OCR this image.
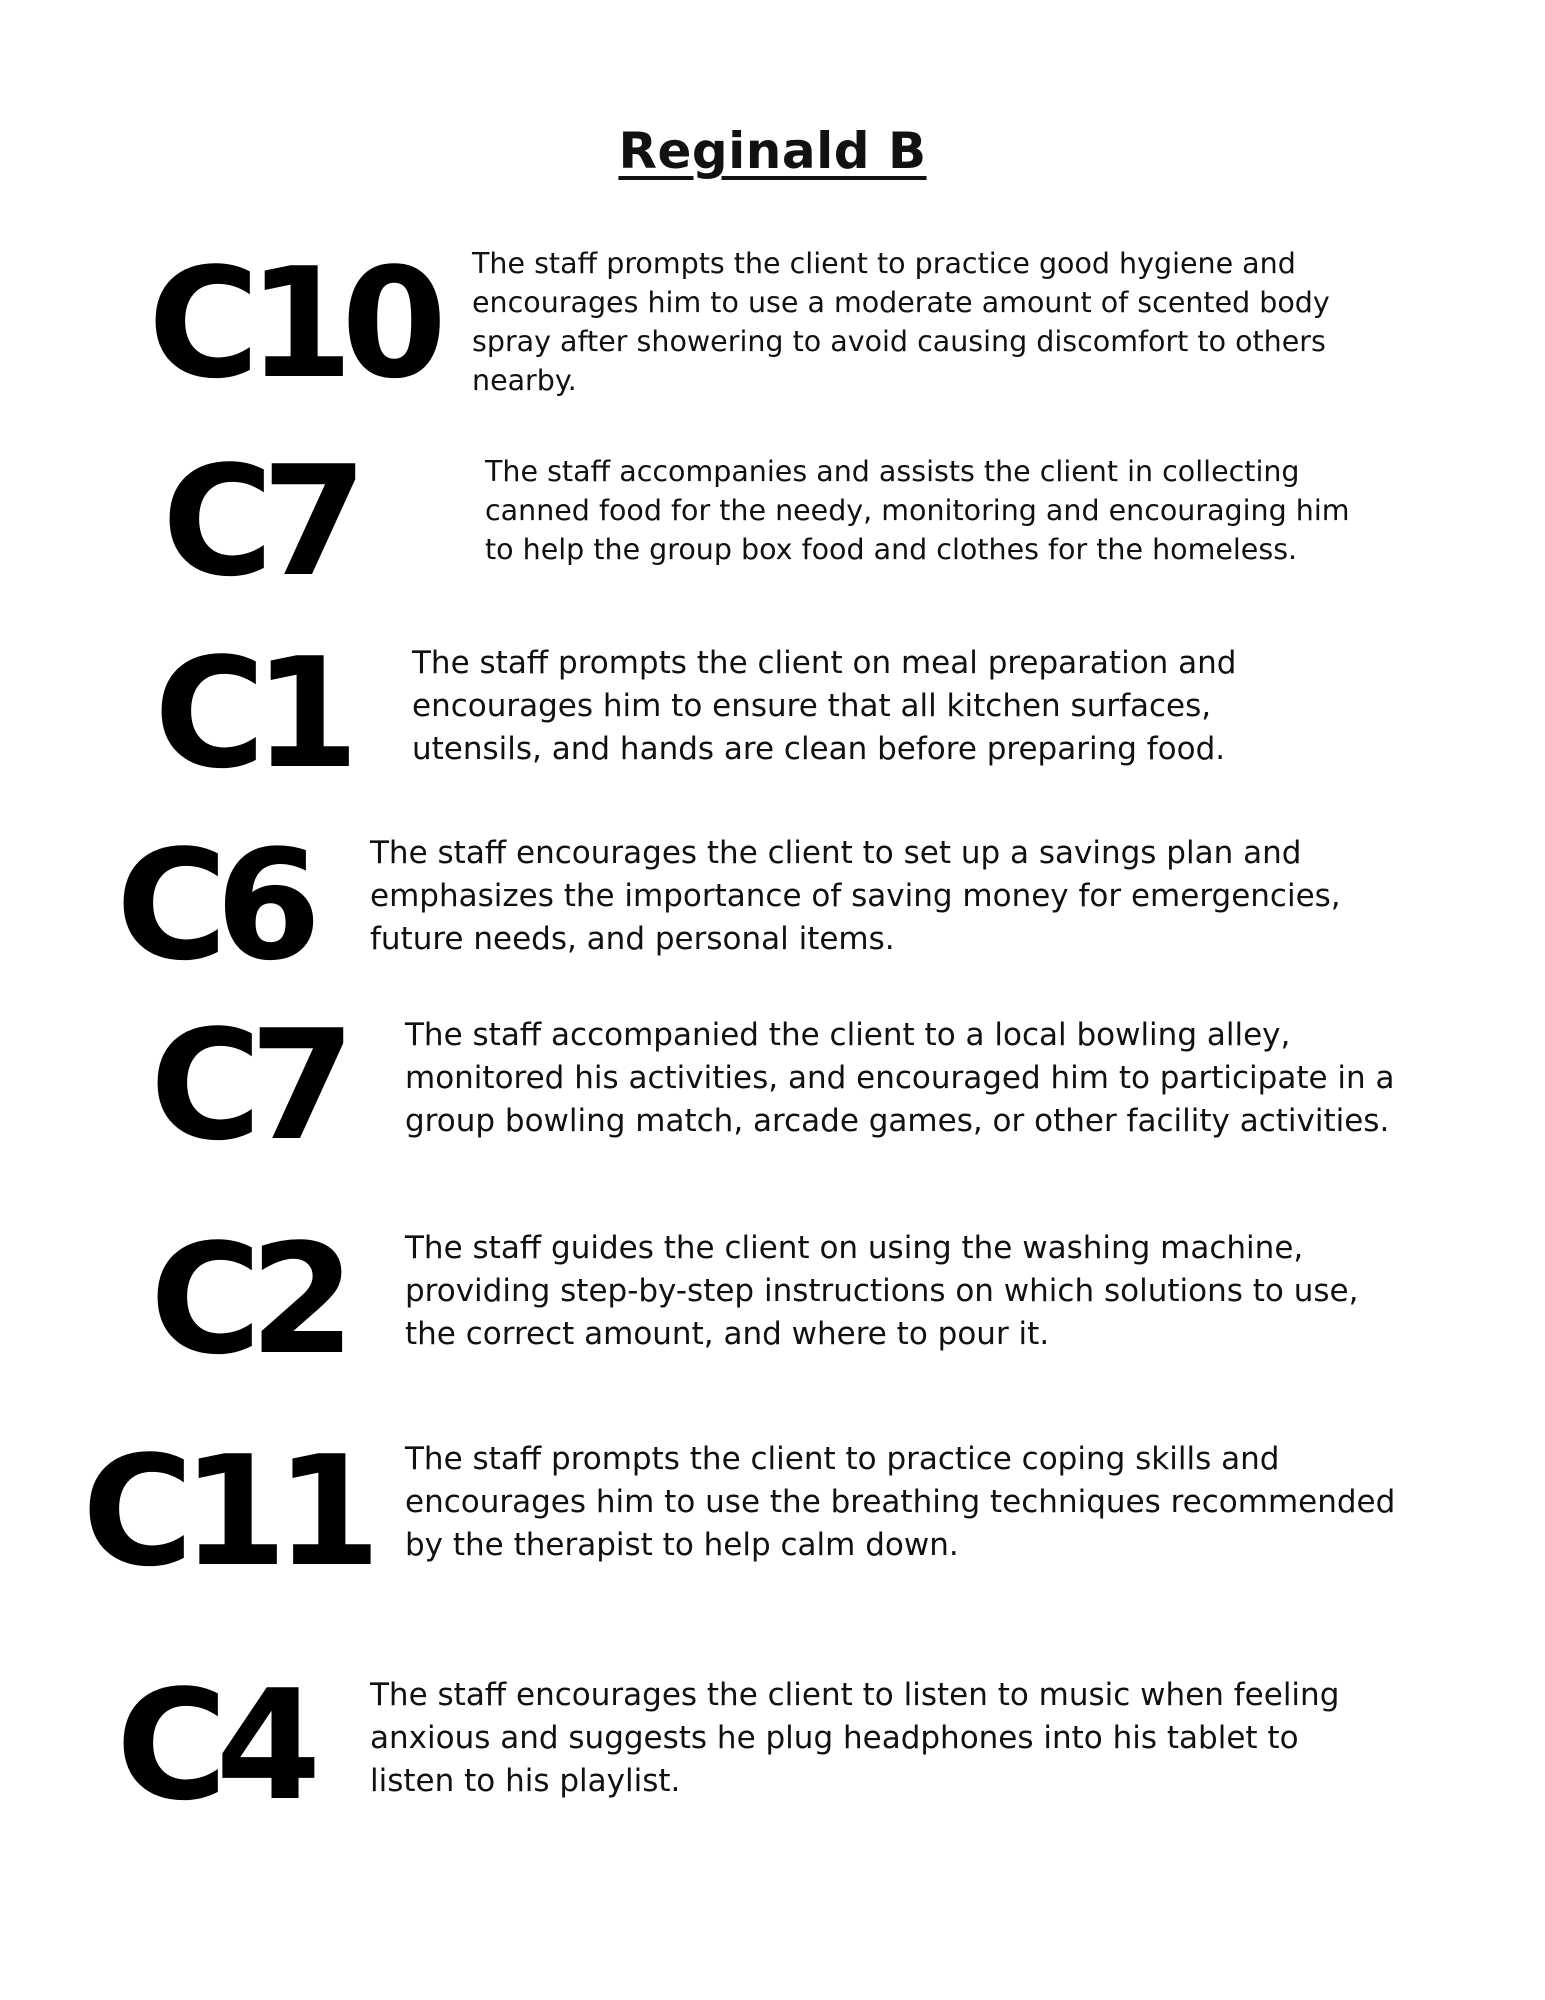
Reginald B
C10 The staff prompts the client to practice good hygiene and encourages him to use a moderate amount of scented body spray after showering to avoid causing discomfort to others nearby.

C7	The staff accompanies and assists the client in collecting canned food for the needy, monitoring and encouraging him to help the group box food and clothes for the homeless.

C1 The staff prompts the client on meal preparation and encourages him to ensure that all kitchen surfaces, utensils, and hands are clean before preparing food.

C6 The staff encourages the client to set up a savings plan and emphasizes the importance of saving money for emergencies, future needs, and personal items.

C7 The staff accompanied the client to a local bowling alley, monitored his activities, and encouraged him to participate in a group bowling match, arcade games, or other facility activities.

C2 The staff guides the client on using the washing machine, providing step-by-step instructions on which solutions to use, the correct amount, and where to pour it.

C11 The staff prompts the client to practice coping skills and encourages him to use the breathing techniques recommended by the therapist to help calm down.

C4 The staff encourages the client to listen to music when feeling anxious and suggests he plug headphones into his tablet to listen to his playlist.
